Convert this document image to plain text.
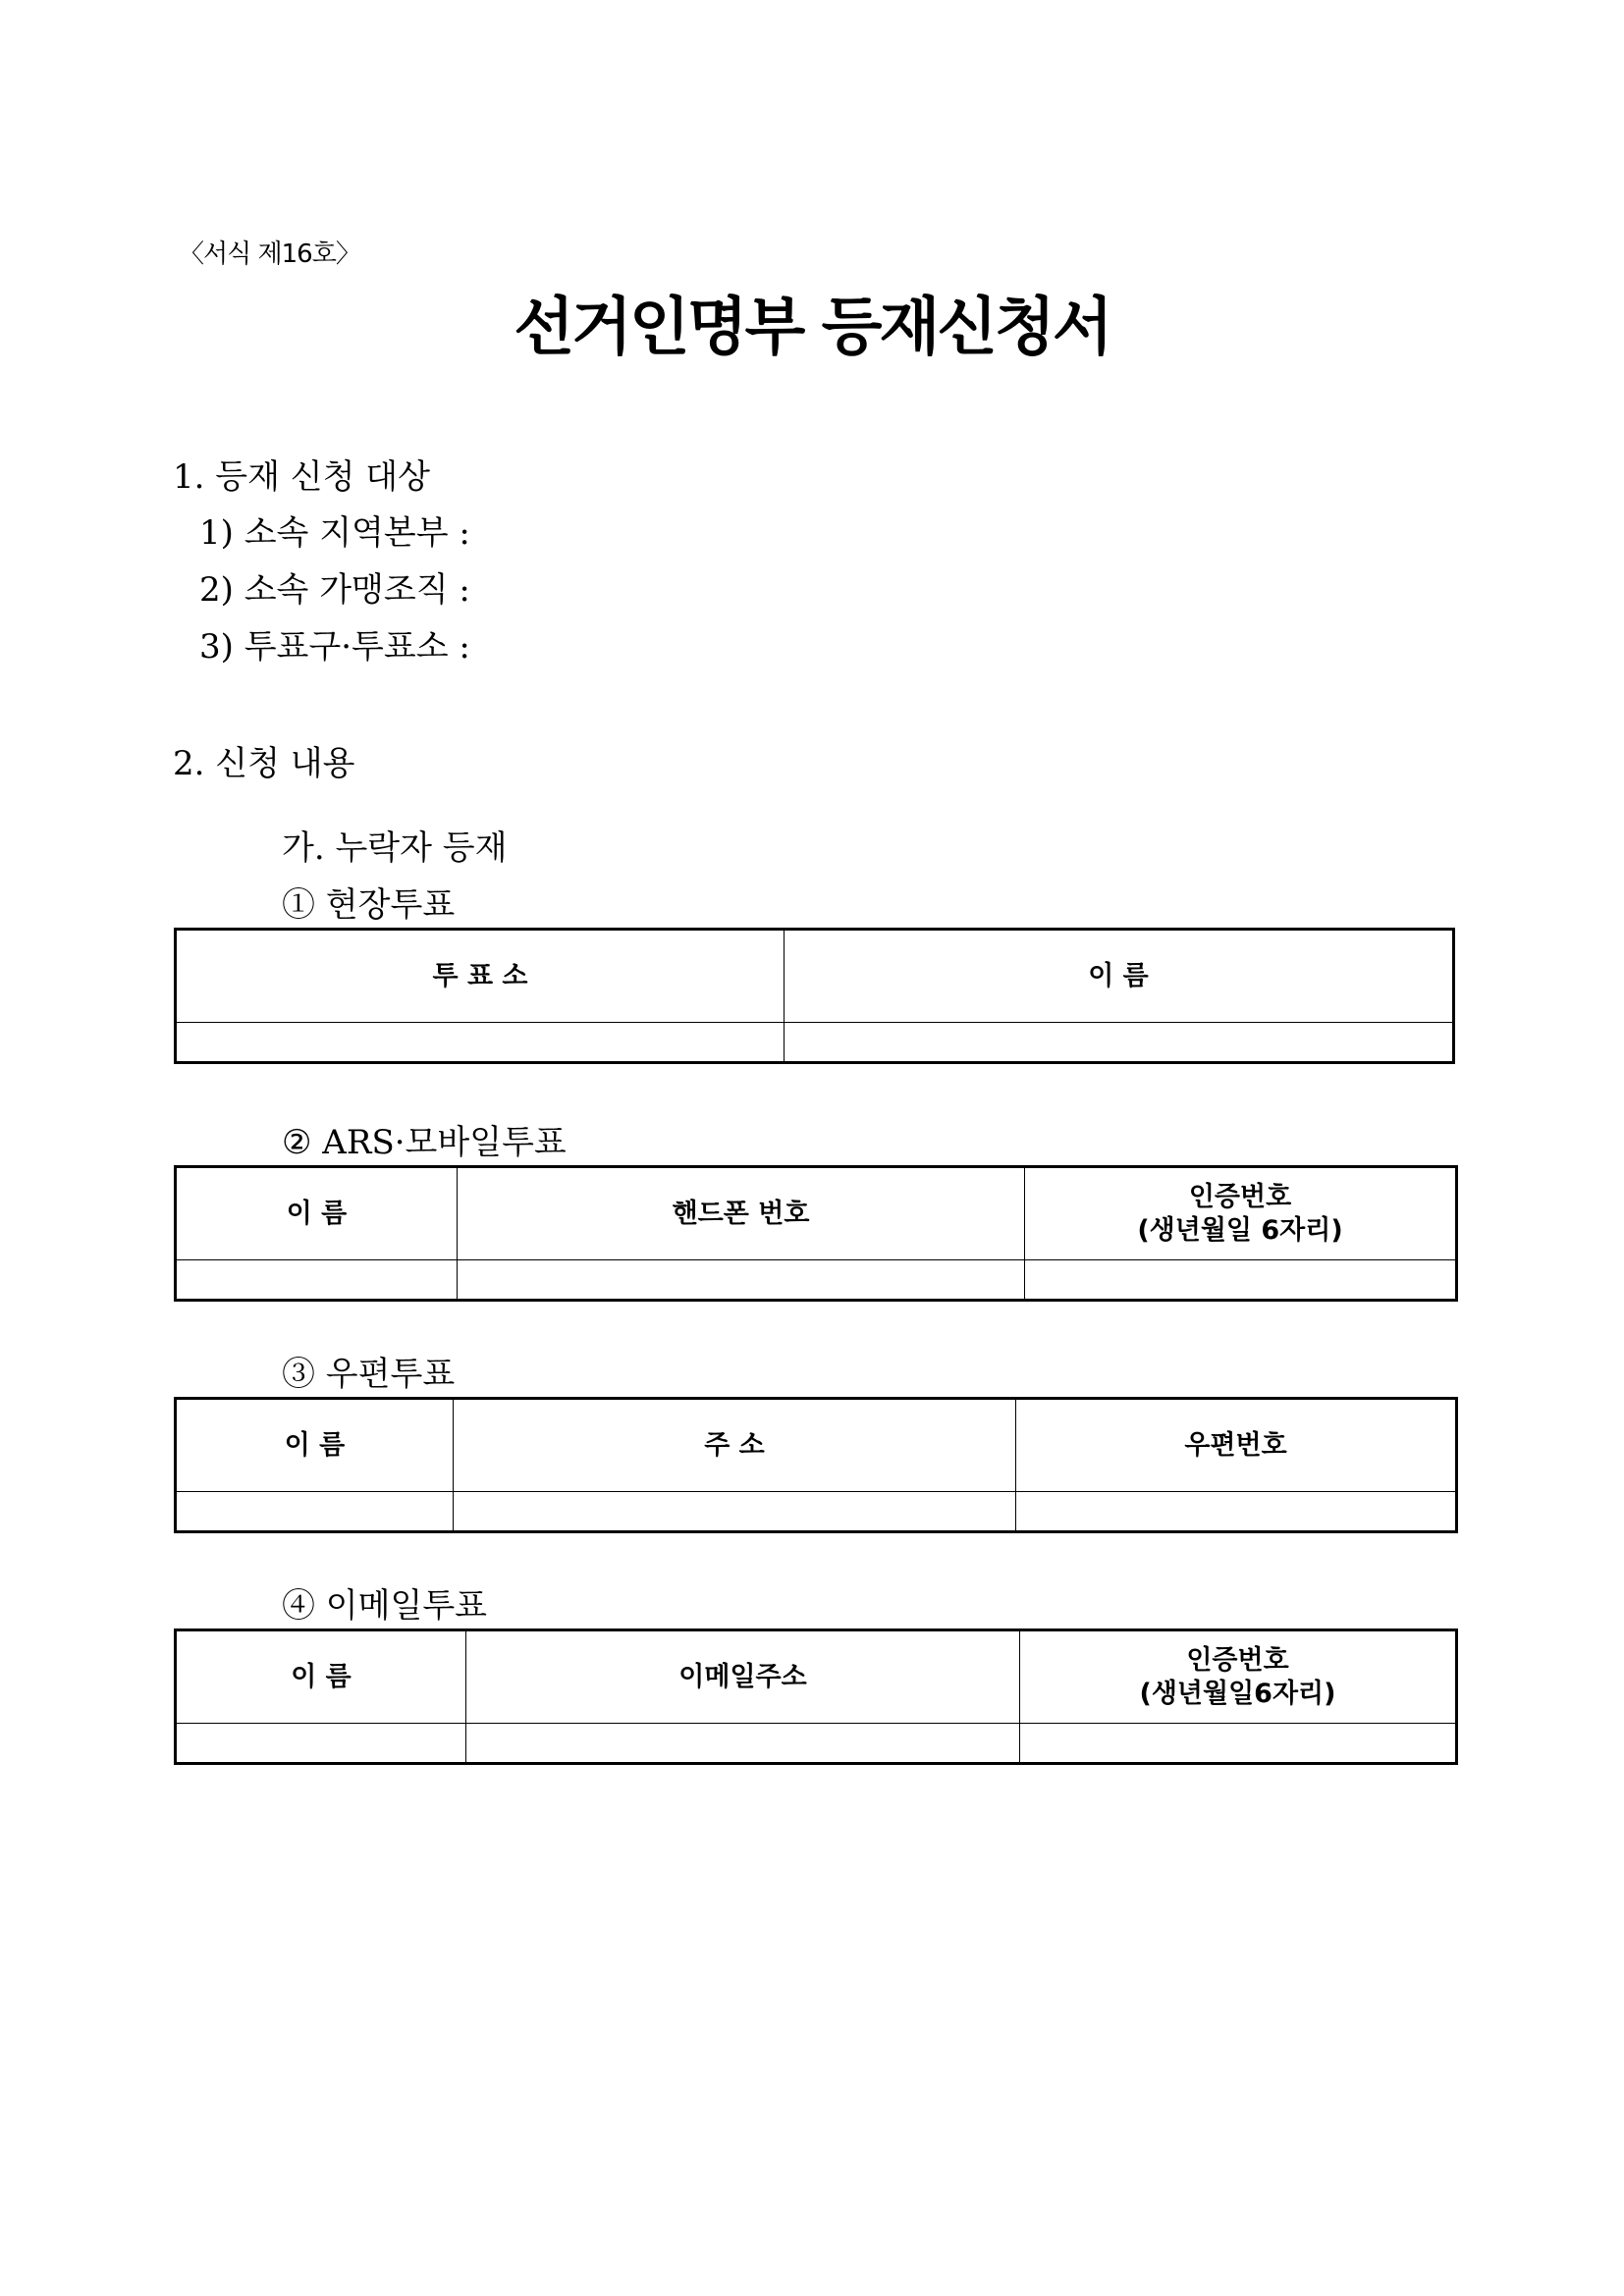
〈서식 제16호〉
선거인명부 등재신청서
1. 등재 신청 대상
1) 소속 지역본부 :
2) 소속 가맹조직 :
3) 투표구·투표소 :
2. 신청 내용
가. 누락자 등재
① 현장투표
투 표 소	이 름

② ARS·모바일투표
이 름	핸드폰 번호	인증번호
(생년월일 6자리)

③ 우편투표
이 름	주 소	우편번호

④ 이메일투표
이 름	이메일주소	인증번호
(생년월일6자리)
